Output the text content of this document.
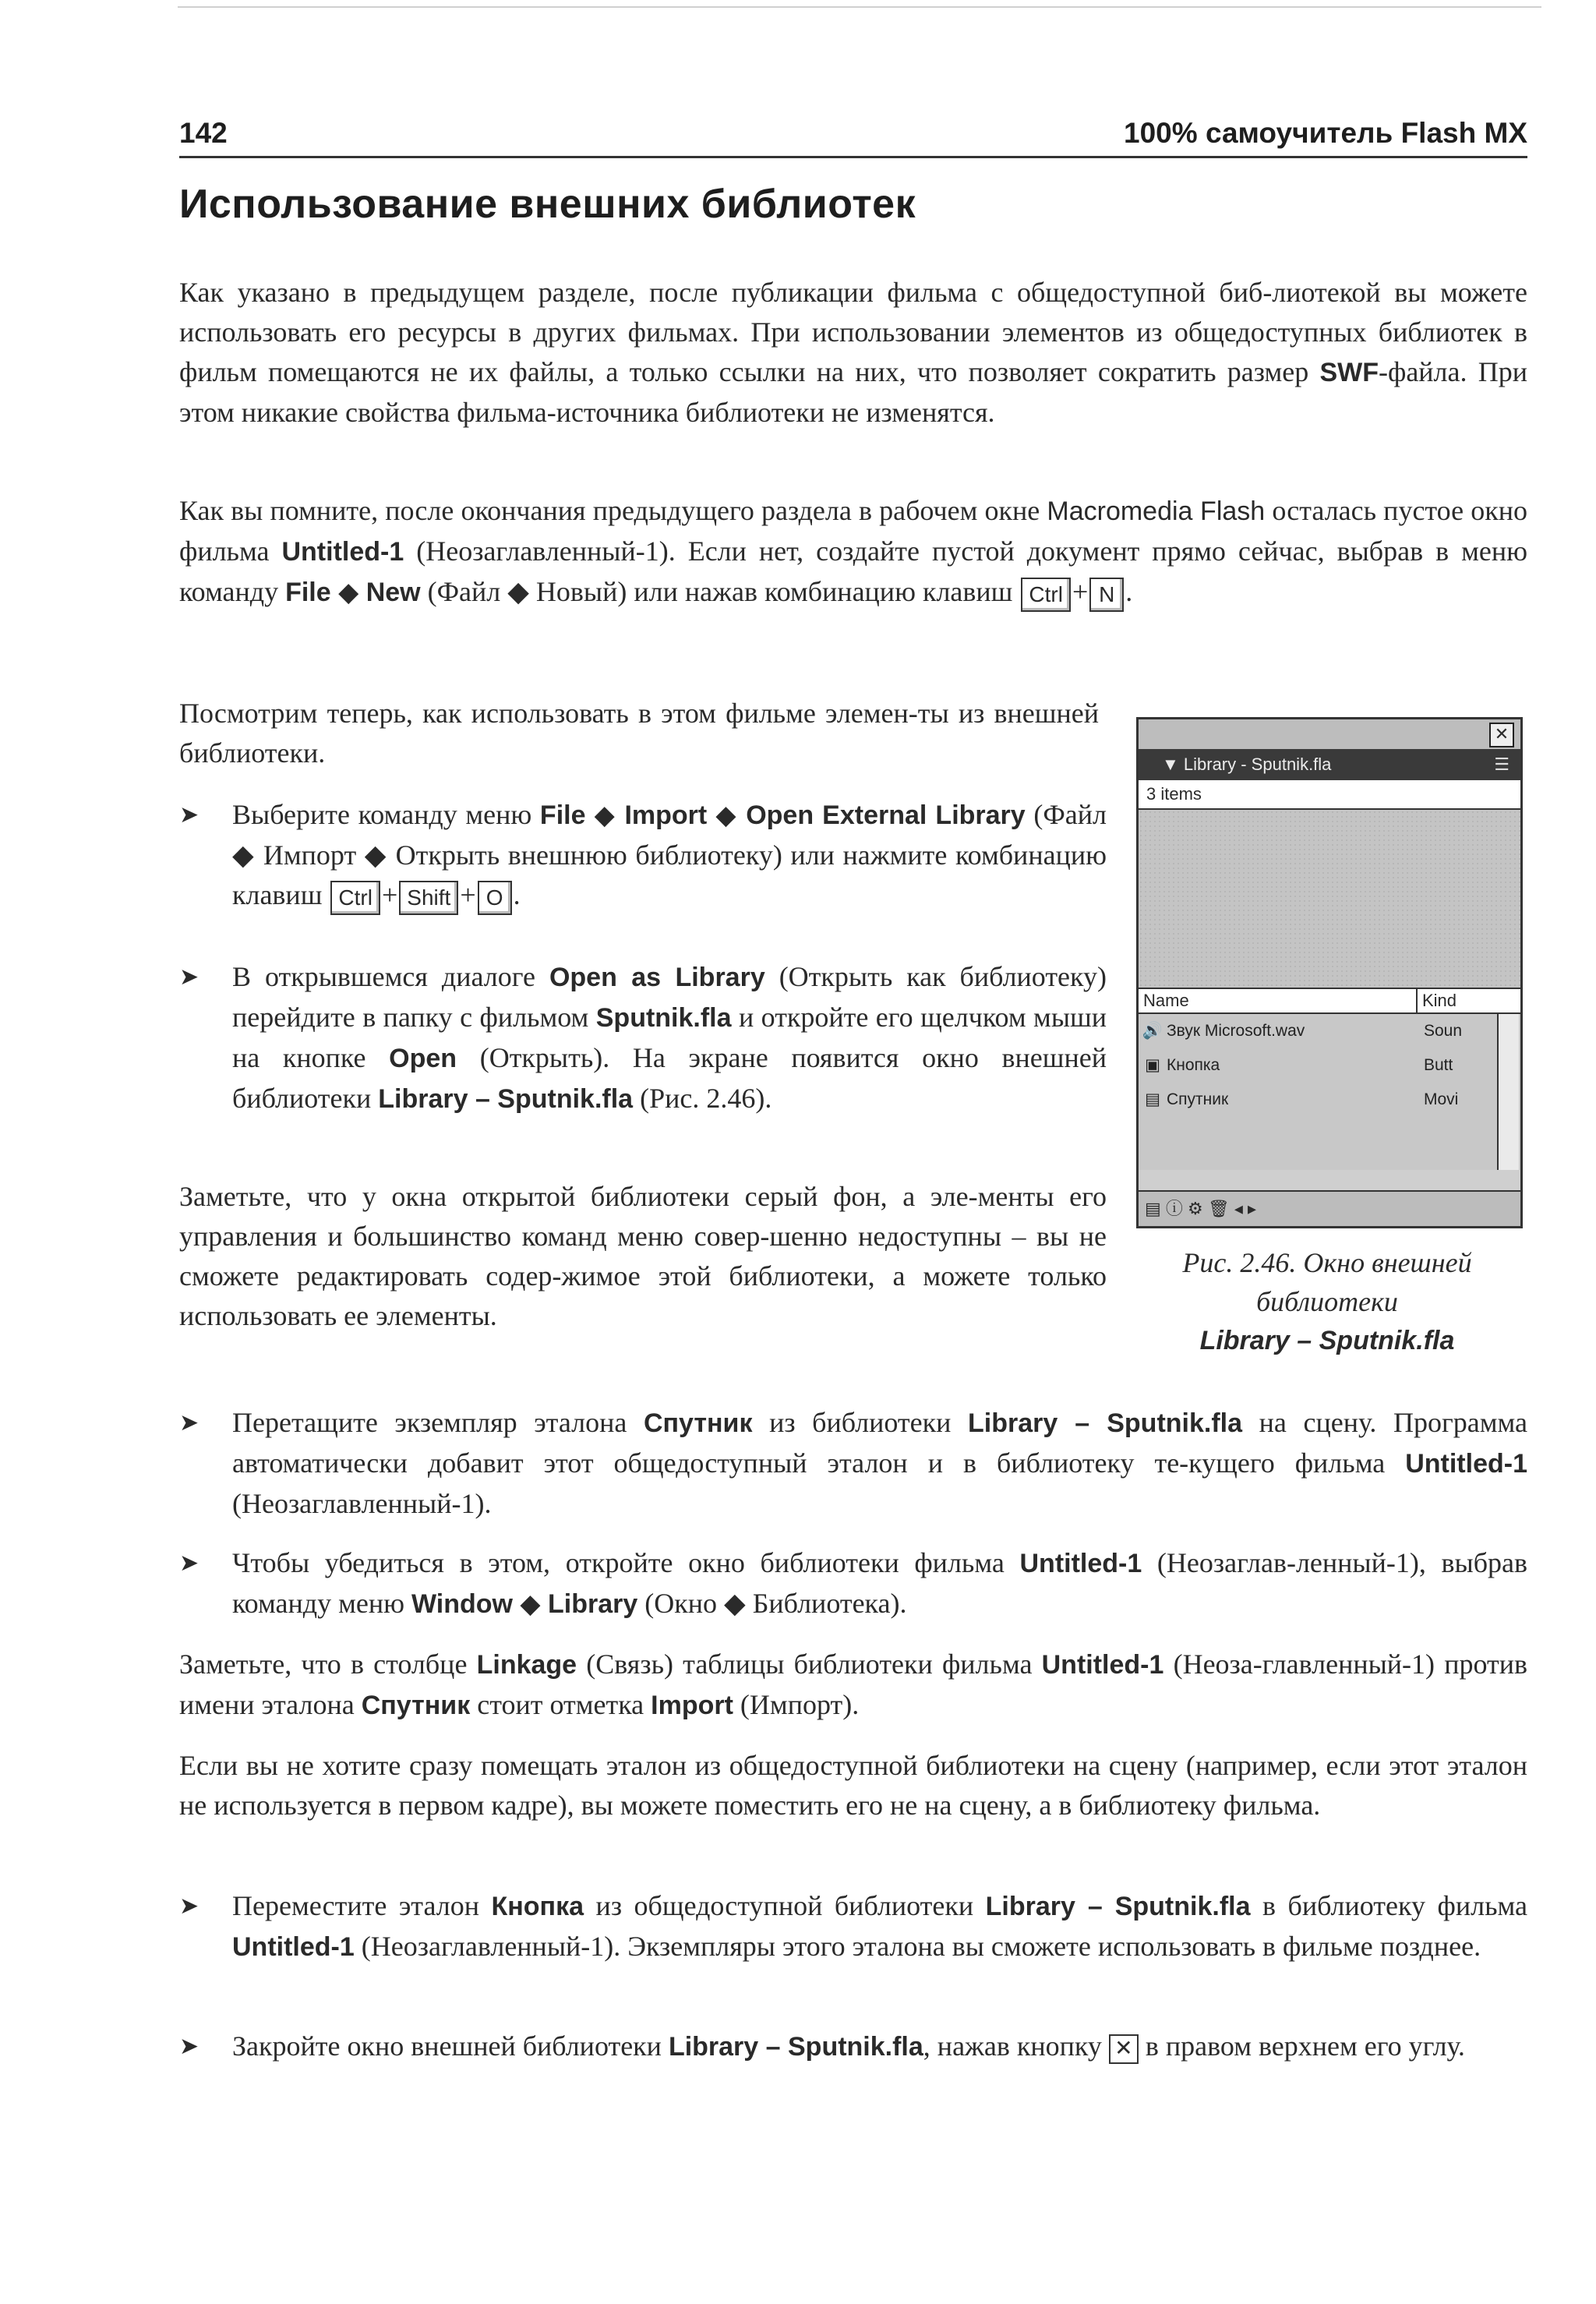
142	100% самоучитель Flash MX
Использование внешних библиотек

Как указано в предыдущем разделе, после публикации фильма с общедоступной биб-лиотекой вы можете использовать его ресурсы в других фильмах. При использовании элементов из общедоступных библиотек в фильм помещаются не их файлы, а только ссылки на них, что позволяет сократить размер SWF-файла. При этом никакие свойства фильма-источника библиотеки не изменятся.

Как вы помните, после окончания предыдущего раздела в рабочем окне Macromedia Flash осталась пустое окно фильма Untitled-1 (Неозаглавленный-1). Если нет, создайте пустой документ прямо сейчас, выбрав в меню команду File ◆ New (Файл ◆ Новый) или нажав комбинацию клавиш Ctrl + N .

Посмотрим теперь, как использовать в этом фильме элемен-ты из внешней библиотеки.

➤ Выберите команду меню File ◆ Import ◆ Open External Library (Файл ◆ Импорт ◆ Открыть внешнюю библиотеку) или нажмите комбинацию клавиш Ctrl + Shift + O .
➤ В открывшемся диалоге Open as Library (Открыть как библиотеку) перейдите в папку с фильмом Sputnik.fla и откройте его щелчком мыши на кнопке Open (Открыть). На экране появится окно внешней библиотеки Library – Sputnik.fla (Рис. 2.46).

Заметьте, что у окна открытой библиотеки серый фон, а эле-менты его управления и большинство команд меню совер-шенно недоступны – вы не сможете редактировать содер-жимое этой библиотеки, а можете только использовать ее элементы.

➤ Перетащите экземпляр эталона Спутник из библиотеки Library – Sputnik.fla на сцену. Программа автоматически добавит этот общедоступный эталон и в библиотеку те-кущего фильма Untitled-1 (Неозаглавленный-1).
➤ Чтобы убедиться в этом, откройте окно библиотеки фильма Untitled-1 (Неозаглав-ленный-1), выбрав команду меню Window ◆ Library (Окно ◆ Библиотека).

Заметьте, что в столбце Linkage (Связь) таблицы библиотеки фильма Untitled-1 (Неоза-главленный-1) против имени эталона Спутник стоит отметка Import (Импорт).

Если вы не хотите сразу помещать эталон из общедоступной библиотеки на сцену (например, если этот эталон не используется в первом кадре), вы можете поместить его не на сцену, а в библиотеку фильма.

➤ Переместите эталон Кнопка из общедоступной библиотеки Library – Sputnik.fla в библиотеку фильма Untitled-1 (Неозаглавленный-1). Экземпляры этого эталона вы сможете использовать в фильме позднее.
➤ Закройте окно внешней библиотеки Library – Sputnik.fla, нажав кнопку ✕ в правом верхнем его углу.
✕
▼ Library - Sputnik.fla	☰
3 items
Name	Kind
🔊 Звук Microsoft.wav	Soun
▣ Кнопка	Butt
▤ Спутник	Movi
▤ ⓘ ⚙ 🗑 ◂ ▸
Рис. 2.46. Окно внешней
библиотеки
Library – Sputnik.fla
